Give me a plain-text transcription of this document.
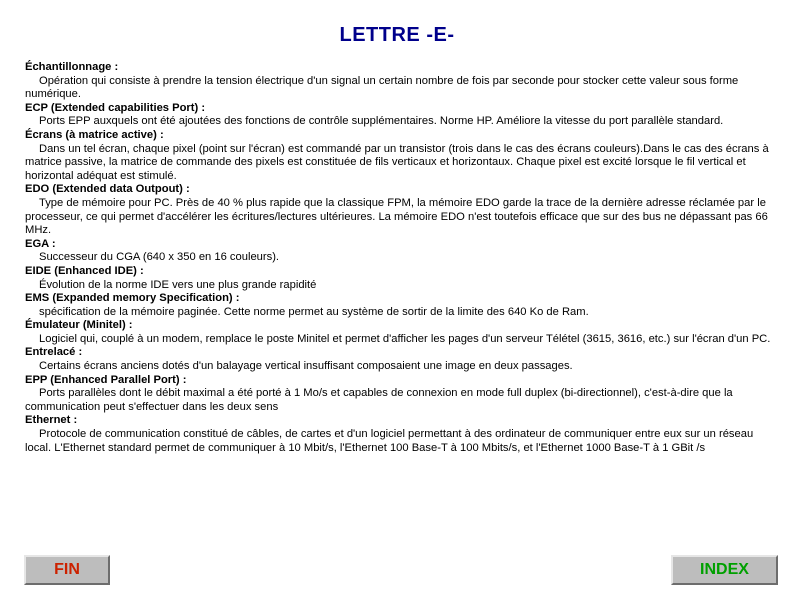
LETTRE -E-
Échantillonnage :

Opération qui consiste à prendre la tension électrique d'un signal un certain nombre de fois par seconde pour stocker cette valeur sous forme numérique.

ECP (Extended capabilities Port) :

Ports EPP auxquels ont été ajoutées des fonctions de contrôle supplémentaires. Norme HP. Améliore la vitesse du port parallèle standard.

Écrans (à matrice active) :

Dans un tel écran, chaque pixel (point sur l'écran) est commandé par un transistor (trois dans le cas des écrans couleurs).Dans le cas des écrans à matrice passive, la matrice de commande des pixels est constituée de fils verticaux et horizontaux. Chaque pixel est excité lorsque le fil vertical et horizontal adéquat est stimulé.

EDO (Extended data Outpout) :

Type de mémoire pour PC. Près de 40 % plus rapide que la classique FPM, la mémoire EDO garde la trace de la dernière adresse réclamée par le processeur, ce qui permet d'accélérer les écritures/lectures ultérieures. La mémoire EDO n'est toutefois efficace que sur des bus ne dépassant pas 66 MHz.

EGA :

Successeur du CGA (640 x 350 en 16 couleurs).

EIDE (Enhanced IDE) :

Évolution de la norme IDE vers une plus grande rapidité

EMS (Expanded memory Specification) :

spécification de la mémoire paginée. Cette norme permet au système de sortir de la limite des 640 Ko de Ram.

Émulateur (Minitel) :

Logiciel qui, couplé à un modem, remplace le poste Minitel et permet d'afficher les pages d'un serveur Télétel (3615, 3616, etc.) sur l'écran d'un PC.

Entrelacé :

Certains écrans anciens dotés d'un balayage vertical insuffisant composaient une image en deux passages.

EPP (Enhanced Parallel Port) :

Ports parallèles dont le débit maximal a été porté à 1 Mo/s et capables de connexion en mode full duplex (bi-directionnel), c'est-à-dire que la communication peut s'effectuer dans les deux sens

Ethernet :

Protocole de communication constitué de câbles, de cartes et d'un logiciel permettant à des ordinateur de communiquer entre eux sur un réseau local. L'Ethernet standard permet de communiquer à 10 Mbit/s, l'Ethernet 100 Base-T à 100 Mbits/s, et l'Ethernet 1000 Base-T à 1 GBit /s

FIN	INDEX
